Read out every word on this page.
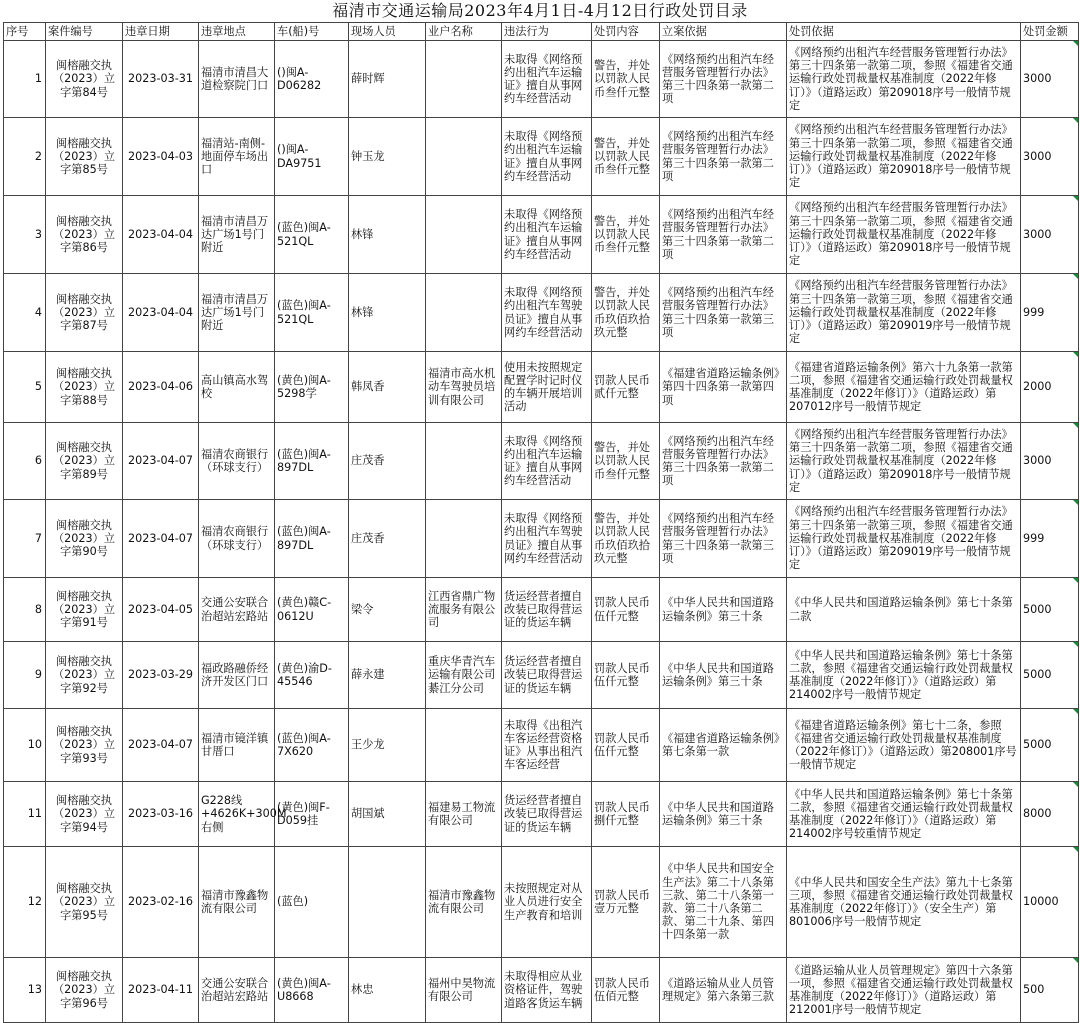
福清市交通运输局2023年4月1日-4月12日行政处罚目录
序号	案件编号	违章日期	违章地点	车(船)号	现场人员	业户名称	违法行为	处罚内容	立案依据	处罚依据	处罚金额
1	闽榕融交执（2023）立字第84号	2023-03-31	福清市清昌大道检察院门口	()闽A-D06282	薛时辉		未取得《网络预约出租汽车运输证》擅自从事网约车经营活动	警告，并处以罚款人民币叁仟元整	《网络预约出租汽车经营服务管理暂行办法》第三十四条第一款第二项	《网络预约出租汽车经营服务管理暂行办法》第三十四条第一款第二项，参照《福建省交通运输行政处罚裁量权基准制度（2022年修订）》（道路运政）第209018序号一般情节规定	3000
2	闽榕融交执（2023）立字第85号	2023-04-03	福清站-南侧-地面停车场出口	()闽A-DA9751	钟玉龙		未取得《网络预约出租汽车运输证》擅自从事网约车经营活动	警告，并处以罚款人民币叁仟元整	《网络预约出租汽车经营服务管理暂行办法》第三十四条第一款第二项	《网络预约出租汽车经营服务管理暂行办法》第三十四条第一款第二项，参照《福建省交通运输行政处罚裁量权基准制度（2022年修订）》（道路运政）第209018序号一般情节规定	3000
3	闽榕融交执（2023）立字第86号	2023-04-04	福清市清昌万达广场1号门附近	(蓝色)闽A-521QL	林锋		未取得《网络预约出租汽车运输证》擅自从事网约车经营活动	警告，并处以罚款人民币叁仟元整	《网络预约出租汽车经营服务管理暂行办法》第三十四条第一款第二项	《网络预约出租汽车经营服务管理暂行办法》第三十四条第一款第二项，参照《福建省交通运输行政处罚裁量权基准制度（2022年修订）》（道路运政）第209018序号一般情节规定	3000
4	闽榕融交执（2023）立字第87号	2023-04-04	福清市清昌万达广场1号门附近	(蓝色)闽A-521QL	林锋		未取得《网络预约出租汽车驾驶员证》擅自从事网约车经营活动	警告，并处以罚款人民币玖佰玖拾玖元整	《网络预约出租汽车经营服务管理暂行办法》第三十四条第一款第三项	《网络预约出租汽车经营服务管理暂行办法》第三十四条第一款第三项，参照《福建省交通运输行政处罚裁量权基准制度（2022年修订）》（道路运政）第209019序号一般情节规定	999
5	闽榕融交执（2023）立字第88号	2023-04-06	高山镇高水驾校	(黄色)闽A-5298学	韩凤香	福清市高水机动车驾驶员培训有限公司	使用未按照规定配置学时记时仪的车辆开展培训活动	罚款人民币贰仟元整	《福建省道路运输条例》第四十四条第一款第四项	《福建省道路运输条例》第六十九条第一款第二项，参照《福建省交通运输行政处罚裁量权基准制度（2022年修订）》（道路运政）第207012序号一般情节规定	2000
6	闽榕融交执（2023）立字第89号	2023-04-07	福清农商银行（环球支行）	(蓝色)闽A-897DL	庄茂香		未取得《网络预约出租汽车运输证》擅自从事网约车经营活动	警告，并处以罚款人民币叁仟元整	《网络预约出租汽车经营服务管理暂行办法》第三十四条第一款第二项	《网络预约出租汽车经营服务管理暂行办法》第三十四条第一款第二项，参照《福建省交通运输行政处罚裁量权基准制度（2022年修订）》（道路运政）第209018序号一般情节规定	3000
7	闽榕融交执（2023）立字第90号	2023-04-07	福清农商银行（环球支行）	(蓝色)闽A-897DL	庄茂香		未取得《网络预约出租汽车驾驶员证》擅自从事网约车经营活动	警告，并处以罚款人民币玖佰玖拾玖元整	《网络预约出租汽车经营服务管理暂行办法》第三十四条第一款第三项	《网络预约出租汽车经营服务管理暂行办法》第三十四条第一款第三项，参照《福建省交通运输行政处罚裁量权基准制度（2022年修订）》（道路运政）第209019序号一般情节规定	999
8	闽榕融交执（2023）立字第91号	2023-04-05	交通公安联合治超站宏路站	(黄色)赣C-0612U	梁令	江西省鼎广物流服务有限公司	货运经营者擅自改装已取得营运证的货运车辆	罚款人民币伍仟元整	《中华人民共和国道路运输条例》第三十条	《中华人民共和国道路运输条例》第七十条第二款	5000
9	闽榕融交执（2023）立字第92号	2023-03-29	福政路融侨经济开发区门口	(黄色)渝D-45546	薛永建	重庆华青汽车运输有限公司綦江分公司	货运经营者擅自改装已取得营运证的货运车辆	罚款人民币伍仟元整	《中华人民共和国道路运输条例》第三十条	《中华人民共和国道路运输条例》第七十条第二款，参照《福建省交通运输行政处罚裁量权基准制度（2022年修订）》（道路运政）第214002序号一般情节规定	5000
10	闽榕融交执（2023）立字第93号	2023-04-07	福清市镜洋镇甘厝口	(蓝色)闽A-7X620	王少龙		未取得《出租汽车客运经营资格证》从事出租汽车客运经营	罚款人民币伍仟元整	《福建省道路运输条例》第七条第一款	《福建省道路运输条例》第七十二条，参照《福建省交通运输行政处罚裁量权基准制度（2022年修订）》（道路运政）第208001序号一般情节规定	5000
11	闽榕融交执（2023）立字第94号	2023-03-16	G228线+4626K+300M右侧	(黄色)闽F-D059挂	胡国斌	福建易工物流有限公司	货运经营者擅自改装已取得营运证的货运车辆	罚款人民币捌仟元整	《中华人民共和国道路运输条例》第三十条	《中华人民共和国道路运输条例》第七十条第二款，参照《福建省交通运输行政处罚裁量权基准制度（2022年修订）》（道路运政）第214002序号较重情节规定	8000
12	闽榕融交执（2023）立字第95号	2023-02-16	福清市豫鑫物流有限公司	(蓝色)		福清市豫鑫物流有限公司	未按照规定对从业人员进行安全生产教育和培训	罚款人民币壹万元整	《中华人民共和国安全生产法》第二十八条第三款、第二十八条第一款、第二十八条第二款、第二十九条、第四十四条第一款	《中华人民共和国安全生产法》第九十七条第三项，参照《福建省交通运输行政处罚裁量权基准制度（2022年修订）》（安全生产）第801006序号一般情节规定	10000
13	闽榕融交执（2023）立字第96号	2023-04-11	交通公安联合治超站宏路站	(黄色)闽A-U8668	林忠	福州中昊物流有限公司	未取得相应从业资格证件，驾驶道路客货运车辆	罚款人民币伍佰元整	《道路运输从业人员管理规定》第六条第三款	《道路运输从业人员管理规定》第四十六条第一项，参照《福建省交通运输行政处罚裁量权基准制度（2022年修订）》（道路运政）第212001序号一般情节规定	500
